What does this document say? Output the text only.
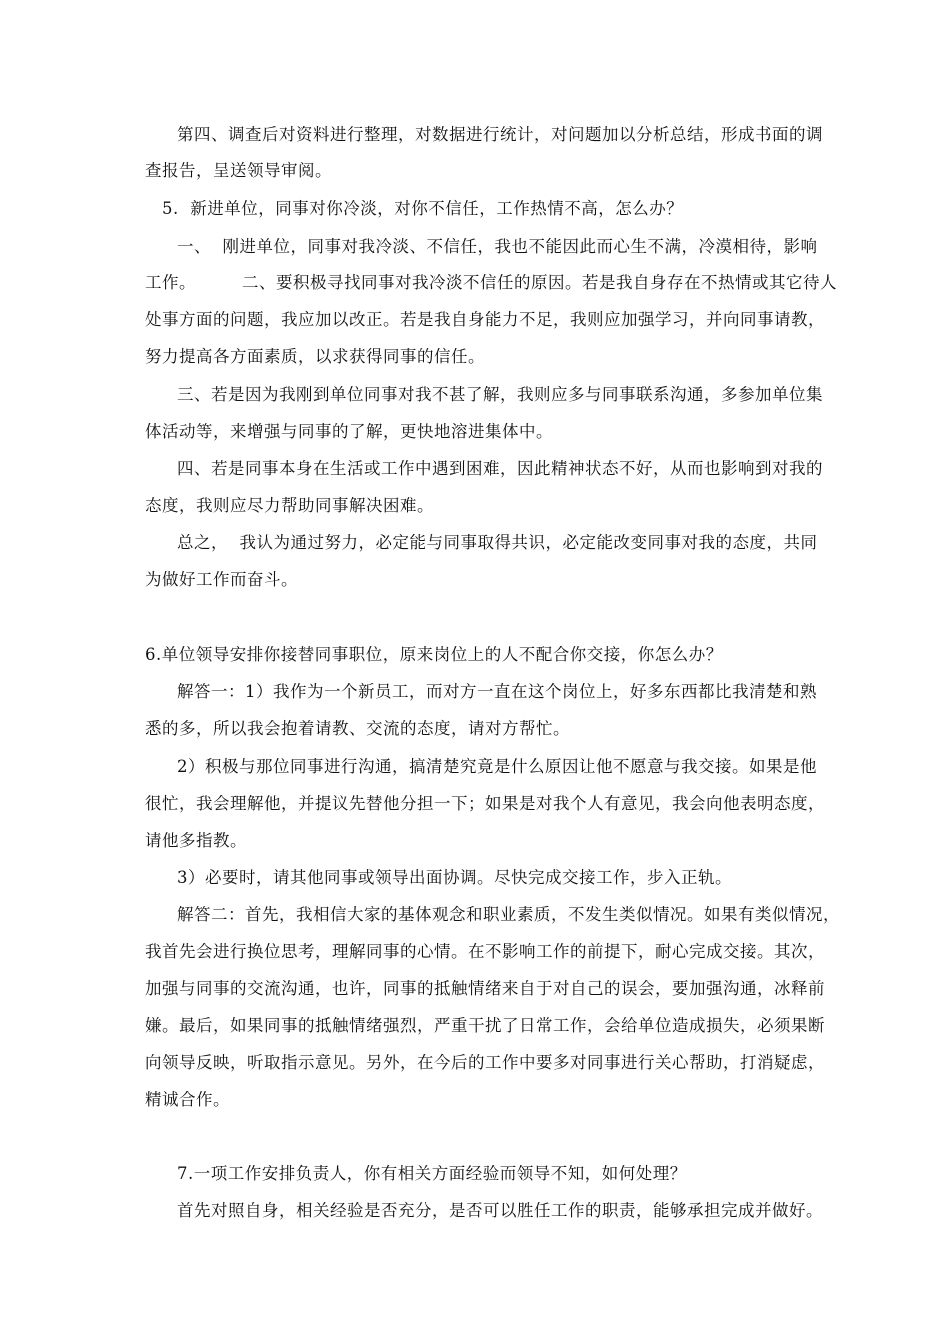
第四、调查后对资料进行整理，对数据进行统计，对问题加以分析总结，形成书面的调
查报告，呈送领导审阅。
5.  新进单位，同事对你冷淡，对你不信任，工作热情不高，怎么办？
一、  刚进单位，同事对我冷淡、不信任，我也不能因此而心生不满，冷漠相待，影响
工作。        二、要积极寻找同事对我冷淡不信任的原因。若是我自身存在不热情或其它待人
处事方面的问题，我应加以改正。若是我自身能力不足，我则应加强学习，并向同事请教，
努力提高各方面素质，以求获得同事的信任。
三、若是因为我刚到单位同事对我不甚了解，我则应多与同事联系沟通，多参加单位集
体活动等，来增强与同事的了解，更快地溶进集体中。
四、若是同事本身在生活或工作中遇到困难，因此精神状态不好，从而也影响到对我的
态度，我则应尽力帮助同事解决困难。
总之，  我认为通过努力，必定能与同事取得共识，必定能改变同事对我的态度，共同
为做好工作而奋斗。
6.单位领导安排你接替同事职位，原来岗位上的人不配合你交接，你怎么办？
解答一：1）我作为一个新员工，而对方一直在这个岗位上，好多东西都比我清楚和熟
悉的多，所以我会抱着请教、交流的态度，请对方帮忙。
2）积极与那位同事进行沟通，搞清楚究竟是什么原因让他不愿意与我交接。如果是他
很忙，我会理解他，并提议先替他分担一下；如果是对我个人有意见，我会向他表明态度，
请他多指教。
3）必要时，请其他同事或领导出面协调。尽快完成交接工作，步入正轨。
解答二：首先，我相信大家的基体观念和职业素质，不发生类似情况。如果有类似情况，
我首先会进行换位思考，理解同事的心情。在不影响工作的前提下，耐心完成交接。其次，
加强与同事的交流沟通，也许，同事的抵触情绪来自于对自己的误会，要加强沟通，冰释前
嫌。最后，如果同事的抵触情绪强烈，严重干扰了日常工作，会给单位造成损失，必须果断
向领导反映，听取指示意见。另外，在今后的工作中要多对同事进行关心帮助，打消疑虑，
精诚合作。
7.一项工作安排负责人，你有相关方面经验而领导不知，如何处理？
首先对照自身，相关经验是否充分，是否可以胜任工作的职责，能够承担完成并做好。
